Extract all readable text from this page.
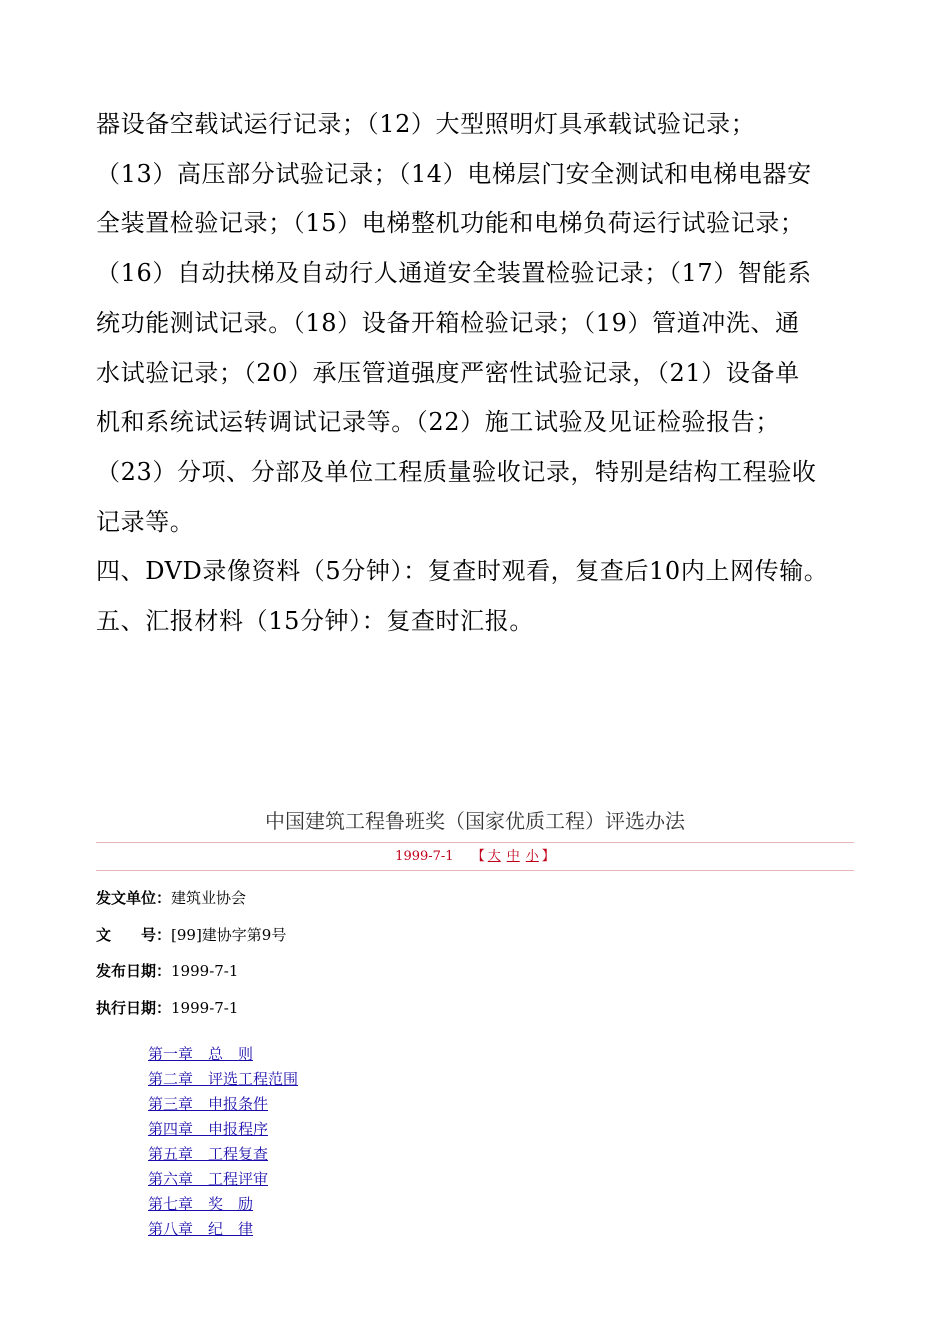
器设备空载试运行记录；（12）大型照明灯具承载试验记录；
（13）高压部分试验记录；（14）电梯层门安全测试和电梯电器安
全装置检验记录；（15）电梯整机功能和电梯负荷运行试验记录；
（16）自动扶梯及自动行人通道安全装置检验记录；（17）智能系
统功能测试记录。（18）设备开箱检验记录；（19）管道冲洗、通
水试验记录；（20）承压管道强度严密性试验记录，（21）设备单
机和系统试运转调试记录等。（22）施工试验及见证检验报告；
（23）分项、分部及单位工程质量验收记录，特别是结构工程验收
记录等。
四、DVD录像资料（5分钟）：复查时观看，复查后10内上网传输。
五、汇报材料（15分钟）：复查时汇报。
中国建筑工程鲁班奖（国家优质工程）评选办法
1999-7-1 【 大 中 小 】
发文单位：建筑业协会
文　　号：[99]建协字第9号
发布日期：1999-7-1
执行日期：1999-7-1
第一章　总　则
第二章　评选工程范围
第三章　申报条件
第四章　申报程序
第五章　工程复查
第六章　工程评审
第七章　奖　励
第八章　纪　律
